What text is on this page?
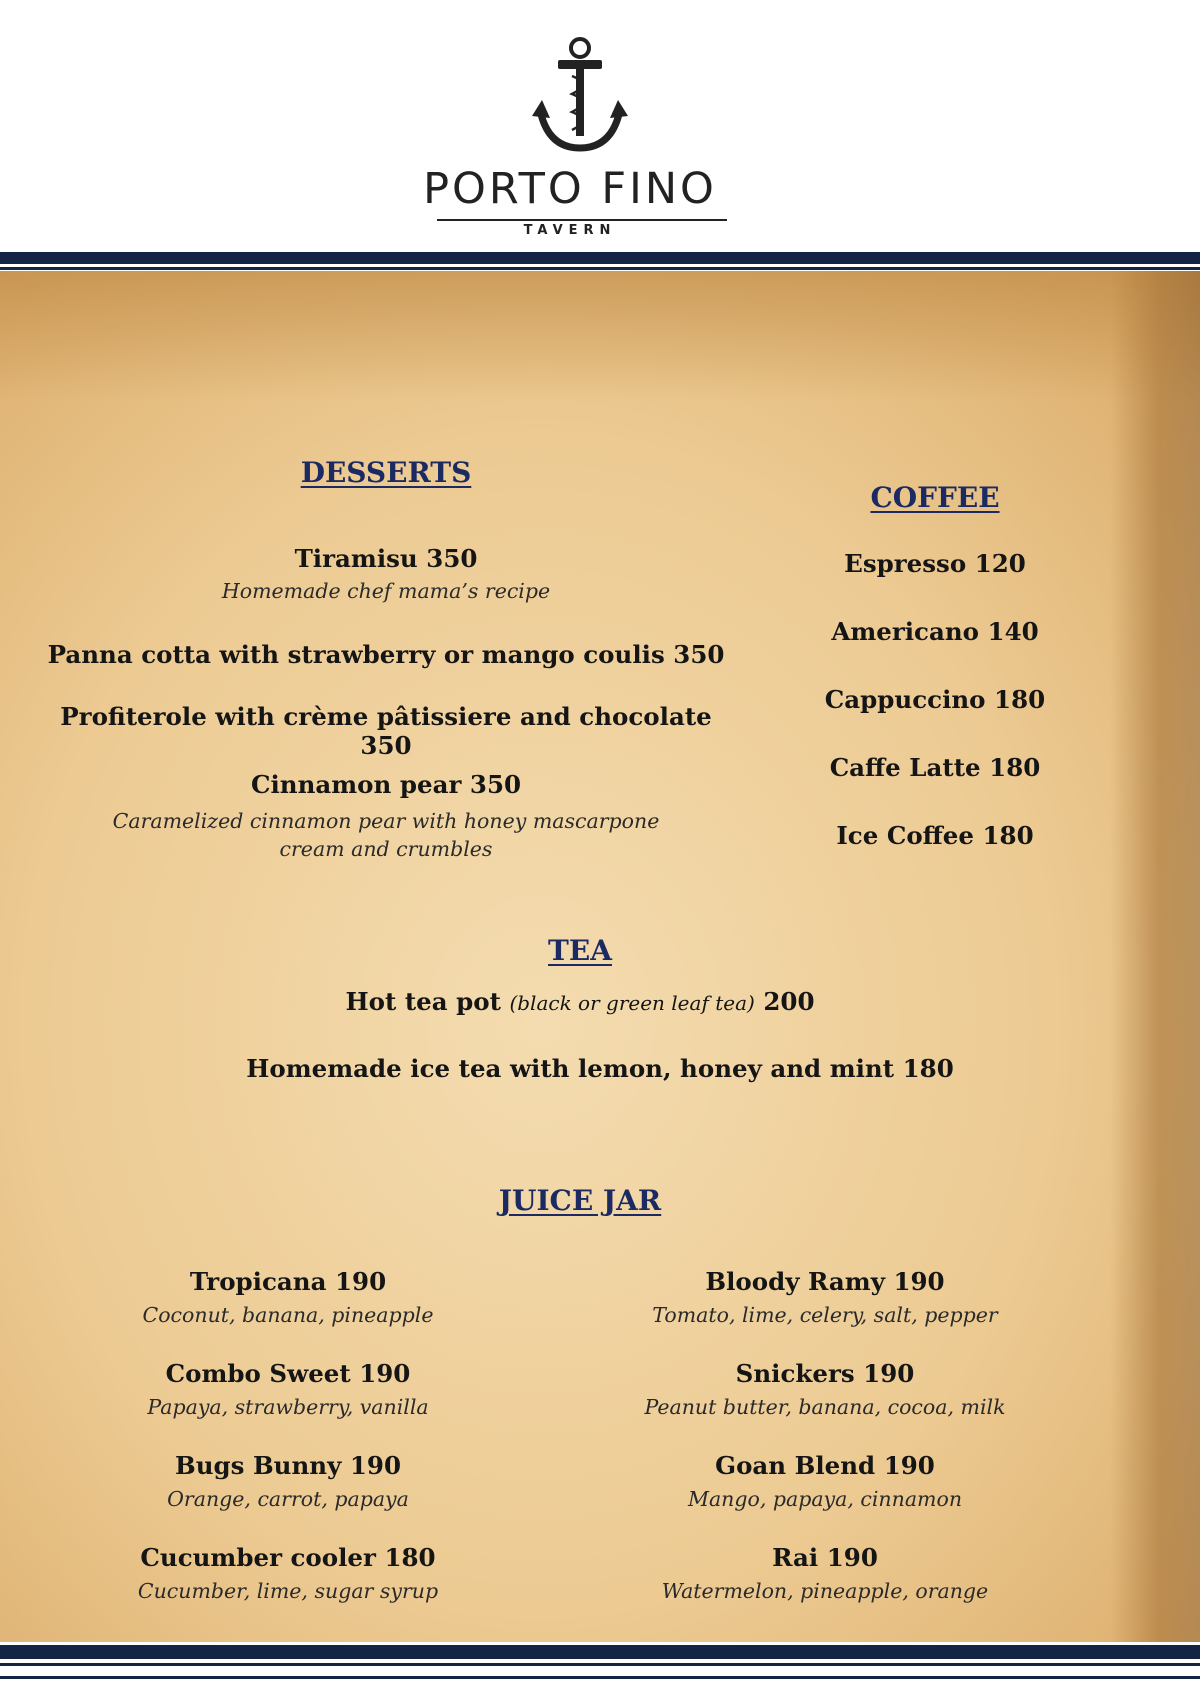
PORTO FINO
TAVERN
DESSERTS
Tiramisu 350
Homemade chef mama’s recipe
Panna cotta with strawberry or mango coulis 350
Profiterole with crème pâtissiere and chocolate 350
Cinnamon pear 350
Caramelized cinnamon pear with honey mascarpone
cream and crumbles
COFFEE
Espresso 120
Americano 140
Cappuccino 180
Caffe Latte 180
Ice Coffee 180
TEA
Hot tea pot (black or green leaf tea) 200
Homemade ice tea with lemon, honey and mint 180
JUICE JAR
Tropicana 190
Coconut, banana, pineapple
Combo Sweet 190
Papaya, strawberry, vanilla
Bugs Bunny 190
Orange, carrot, papaya
Cucumber cooler 180
Cucumber, lime, sugar syrup
Bloody Ramy 190
Tomato, lime, celery, salt, pepper
Snickers 190
Peanut butter, banana, cocoa, milk
Goan Blend 190
Mango, papaya, cinnamon
Rai 190
Watermelon, pineapple, orange
